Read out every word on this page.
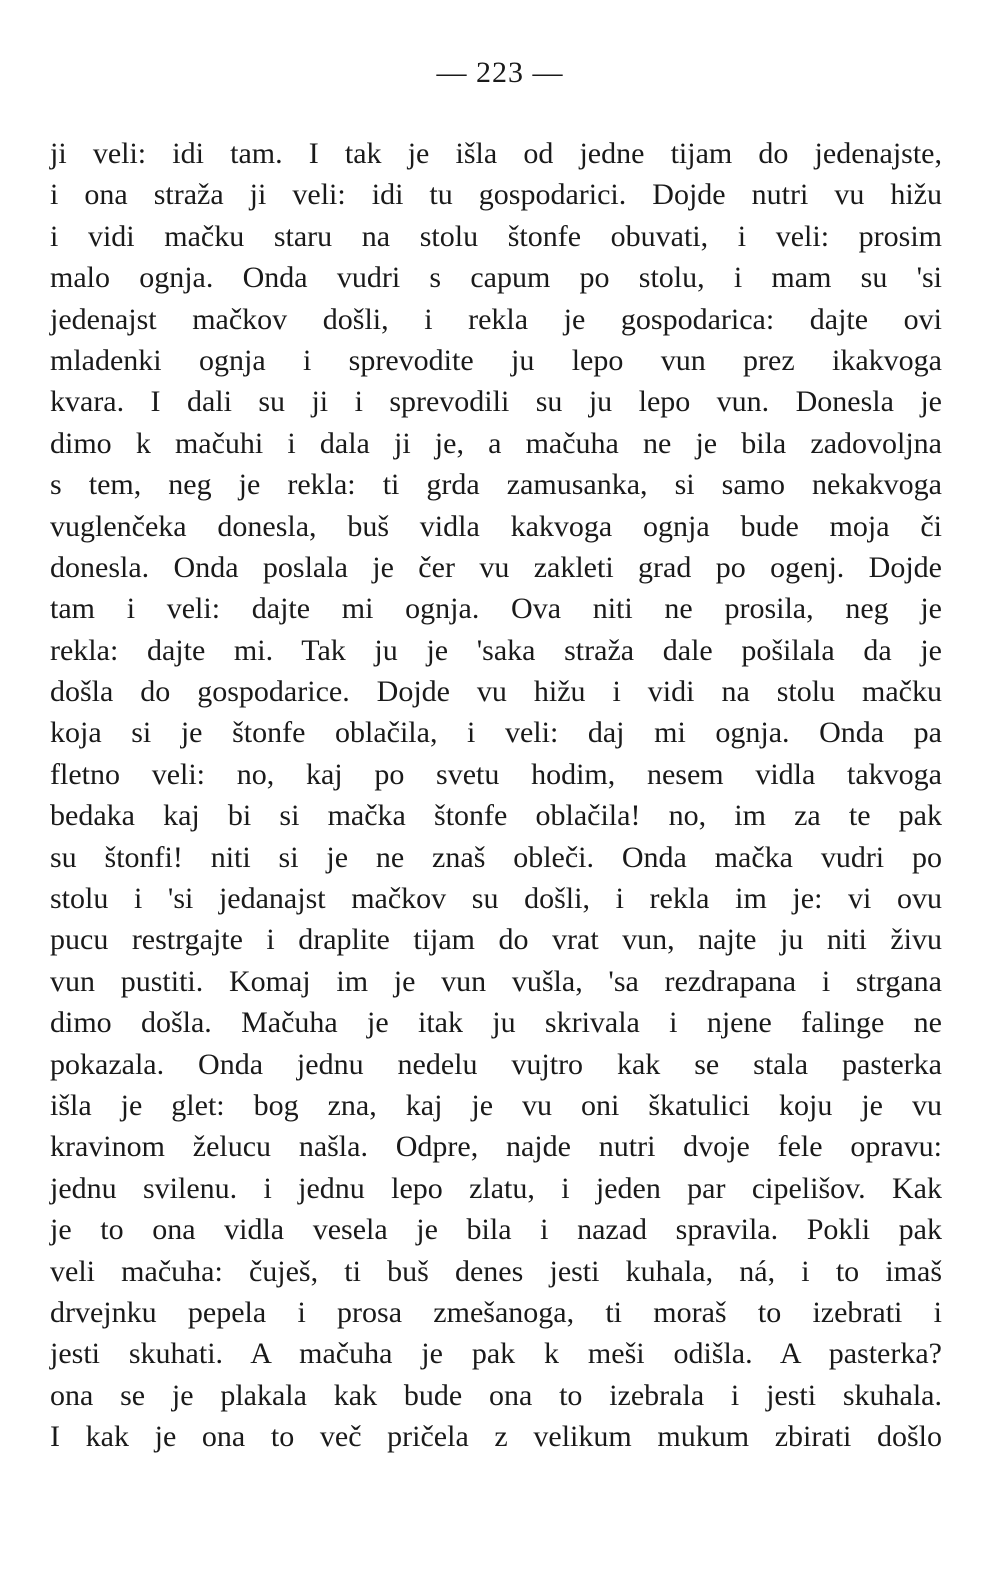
— 223 —
ji veli: idi tam. I tak je išla od jedne tijam do jedenajste,
i ona straža ji veli: idi tu gospodarici. Dojde nutri vu hižu
i vidi mačku staru na stolu štonfe obuvati, i veli: prosim
malo ognja. Onda vudri s capum po stolu, i mam su 'si
jedenajst mačkov došli, i rekla je gospodarica: dajte ovi
mladenki ognja i sprevodite ju lepo vun prez ikakvoga
kvara. I dali su ji i sprevodili su ju lepo vun. Donesla je
dimo k mačuhi i dala ji je, a mačuha ne je bila zadovoljna
s tem, neg je rekla: ti grda zamusanka, si samo nekakvoga
vuglenčeka donesla, buš vidla kakvoga ognja bude moja či
donesla. Onda poslala je čer vu zakleti grad po ogenj. Dojde
tam i veli: dajte mi ognja. Ova niti ne prosila, neg je
rekla: dajte mi. Tak ju je 'saka straža dale pošilala da je
došla do gospodarice. Dojde vu hižu i vidi na stolu mačku
koja si je štonfe oblačila, i veli: daj mi ognja. Onda pa
fletno veli: no, kaj po svetu hodim, nesem vidla takvoga
bedaka kaj bi si mačka štonfe oblačila! no, im za te pak
su štonfi! niti si je ne znaš obleči. Onda mačka vudri po
stolu i 'si jedanajst mačkov su došli, i rekla im je: vi ovu
pucu restrgajte i draplite tijam do vrat vun, najte ju niti živu
vun pustiti. Komaj im je vun vušla, 'sa rezdrapana i strgana
dimo došla. Mačuha je itak ju skrivala i njene falinge ne
pokazala. Onda jednu nedelu vujtro kak se stala pasterka
išla je glet: bog zna, kaj je vu oni škatulici koju je vu
kravinom želucu našla. Odpre, najde nutri dvoje fele opravu:
jednu svilenu. i jednu lepo zlatu, i jeden par cipelišov. Kak
je to ona vidla vesela je bila i nazad spravila. Pokli pak
veli mačuha: čuješ, ti buš denes jesti kuhala, ná, i to imaš
drvejnku pepela i prosa zmešanoga, ti moraš to izebrati i
jesti skuhati. A mačuha je pak k meši odišla. A pasterka?
ona se je plakala kak bude ona to izebrala i jesti skuhala.
I kak je ona to več pričela z velikum mukum zbirati došlo
